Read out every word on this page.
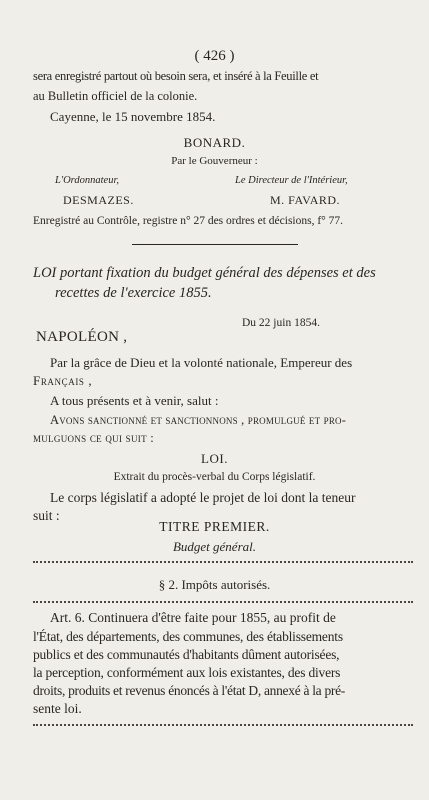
( 426 )
sera enregistré partout où besoin sera, et inséré à la Feuille et
au Bulletin officiel de la colonie.
Cayenne, le 15 novembre 1854.
BONARD.
Par le Gouverneur :
L'Ordonnateur,	Le Directeur de l'Intérieur,
DESMAZES.	M. FAVARD.
Enregistré au Contrôle, registre n° 27 des ordres et décisions, f° 77.
LOI portant fixation du budget général des dépenses et des
recettes de l'exercice 1855.
Du 22 juin 1854.
NAPOLÉON ,
Par la grâce de Dieu et la volonté nationale, Empereur des
Français ,
A tous présents et à venir, salut :
Avons sanctionné et sanctionnons , promulgué et pro-
mulguons ce qui suit :
LOI.
Extrait du procès-verbal du Corps législatif.
Le corps législatif a adopté le projet de loi dont la teneur
suit :
TITRE PREMIER.
Budget général.
§ 2. Impôts autorisés.
Art. 6. Continuera d'être faite pour 1855, au profit de
l'État, des départements, des communes, des établissements
publics et des communautés d'habitants dûment autorisées,
la perception, conformément aux lois existantes, des divers
droits, produits et revenus énoncés à l'état D, annexé à la pré-
sente loi.
